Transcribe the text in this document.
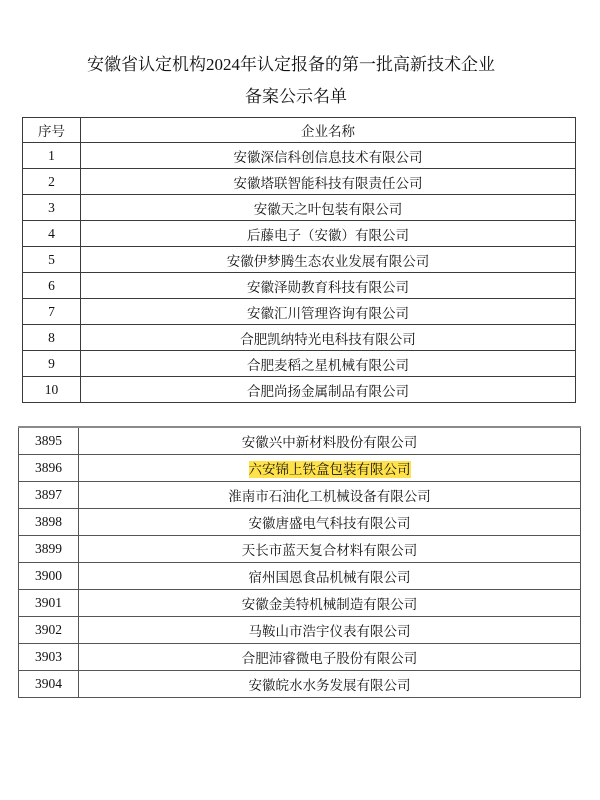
安徽省认定机构2024年认定报备的第一批高新技术企业
备案公示名单
序号	企业名称
1	安徽深信科创信息技术有限公司
2	安徽塔联智能科技有限责任公司
3	安徽天之叶包装有限公司
4	后藤电子（安徽）有限公司
5	安徽伊梦腾生态农业发展有限公司
6	安徽泽勋教育科技有限公司
7	安徽汇川管理咨询有限公司
8	合肥凯纳特光电科技有限公司
9	合肥麦稻之星机械有限公司
10	合肥尚扬金属制品有限公司
3895	安徽兴中新材料股份有限公司
3896	六安锦上铁盒包装有限公司
3897	淮南市石油化工机械设备有限公司
3898	安徽唐盛电气科技有限公司
3899	天长市蓝天复合材料有限公司
3900	宿州国恩食品机械有限公司
3901	安徽金美特机械制造有限公司
3902	马鞍山市浩宇仪表有限公司
3903	合肥沛睿微电子股份有限公司
3904	安徽皖水水务发展有限公司
